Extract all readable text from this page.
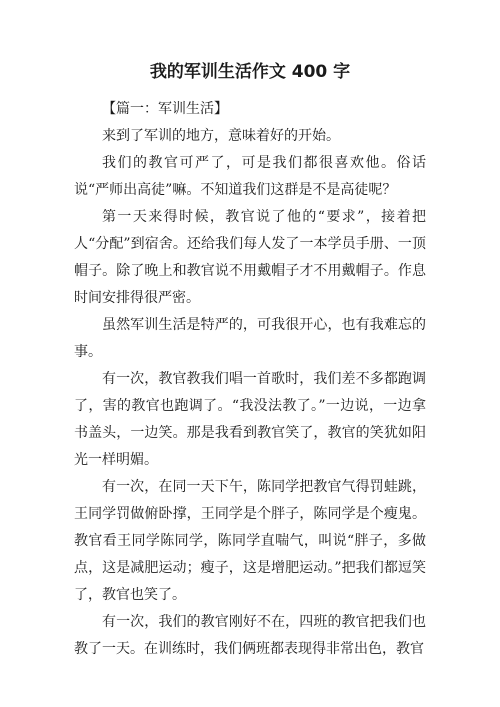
我的军训生活作文 400 字

【篇一：军训生活】

来到了军训的地方，意味着好的开始。

我们的教官可严了，可是我们都很喜欢他。俗话说“严师出高徒”嘛。不知道我们这群是不是高徒呢？

第一天来得时候，教官说了他的“要求”，接着把人“分配”到宿舍。还给我们每人发了一本学员手册、一顶帽子。除了晚上和教官说不用戴帽子才不用戴帽子。作息时间安排得很严密。

虽然军训生活是特严的，可我很开心，也有我难忘的事。

有一次，教官教我们唱一首歌时，我们差不多都跑调了，害的教官也跑调了。“我没法教了。”一边说，一边拿书盖头，一边笑。那是我看到教官笑了，教官的笑犹如阳光一样明媚。

有一次，在同一天下午，陈同学把教官气得罚蛙跳，王同学罚做俯卧撑，王同学是个胖子，陈同学是个瘦鬼。教官看王同学陈同学，陈同学直喘气，叫说“胖子，多做点，这是减肥运动；瘦子，这是增肥运动。”把我们都逗笑了，教官也笑了。

有一次，我们的教官刚好不在，四班的教官把我们也教了一天。在训练时，我们俩班都表现得非常出色，教官
